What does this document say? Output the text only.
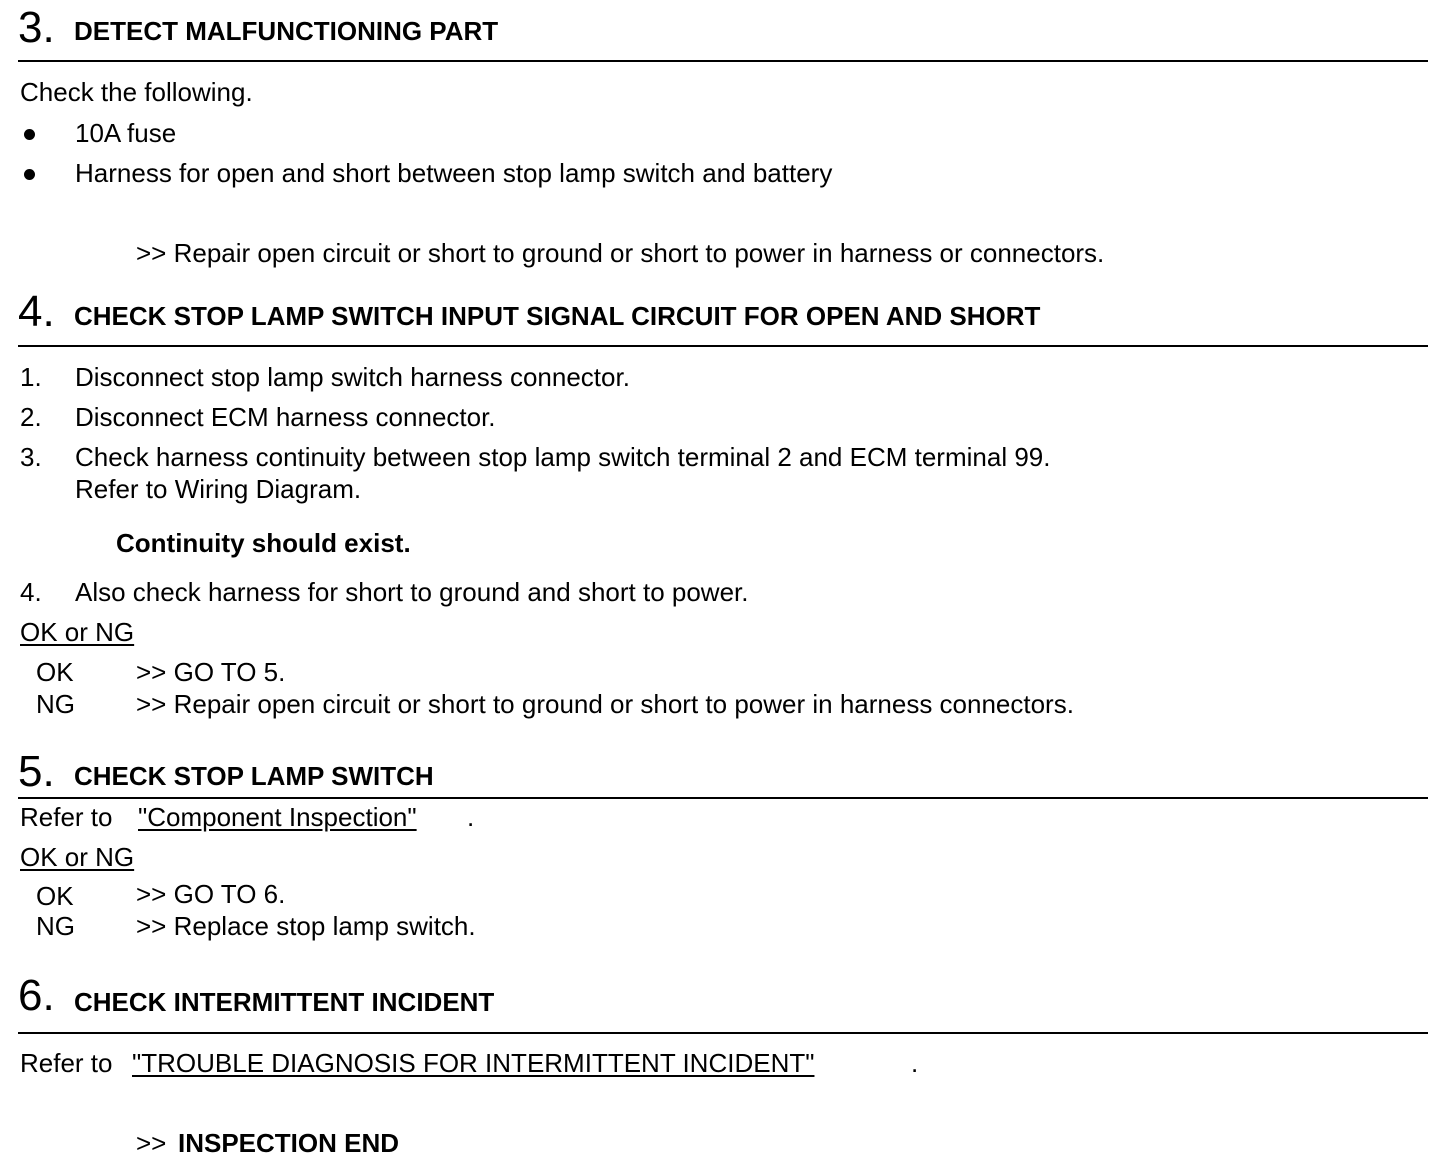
3. DETECT MALFUNCTIONING PART
Check the following.
10A fuse
Harness for open and short between stop lamp switch and battery
>> Repair open circuit or short to ground or short to power in harness or connectors.
4. CHECK STOP LAMP SWITCH INPUT SIGNAL CIRCUIT FOR OPEN AND SHORT
1. Disconnect stop lamp switch harness connector.
2. Disconnect ECM harness connector.
3. Check harness continuity between stop lamp switch terminal 2 and ECM terminal 99.
Refer to Wiring Diagram.
Continuity should exist.
4. Also check harness for short to ground and short to power.
OK or NG
OK >> GO TO 5.
NG >> Repair open circuit or short to ground or short to power in harness connectors.
5. CHECK STOP LAMP SWITCH
Refer to "Component Inspection" .
OK or NG
OK >> GO TO 6.
NG >> Replace stop lamp switch.
6. CHECK INTERMITTENT INCIDENT
Refer to "TROUBLE DIAGNOSIS FOR INTERMITTENT INCIDENT"	.
>> INSPECTION END
